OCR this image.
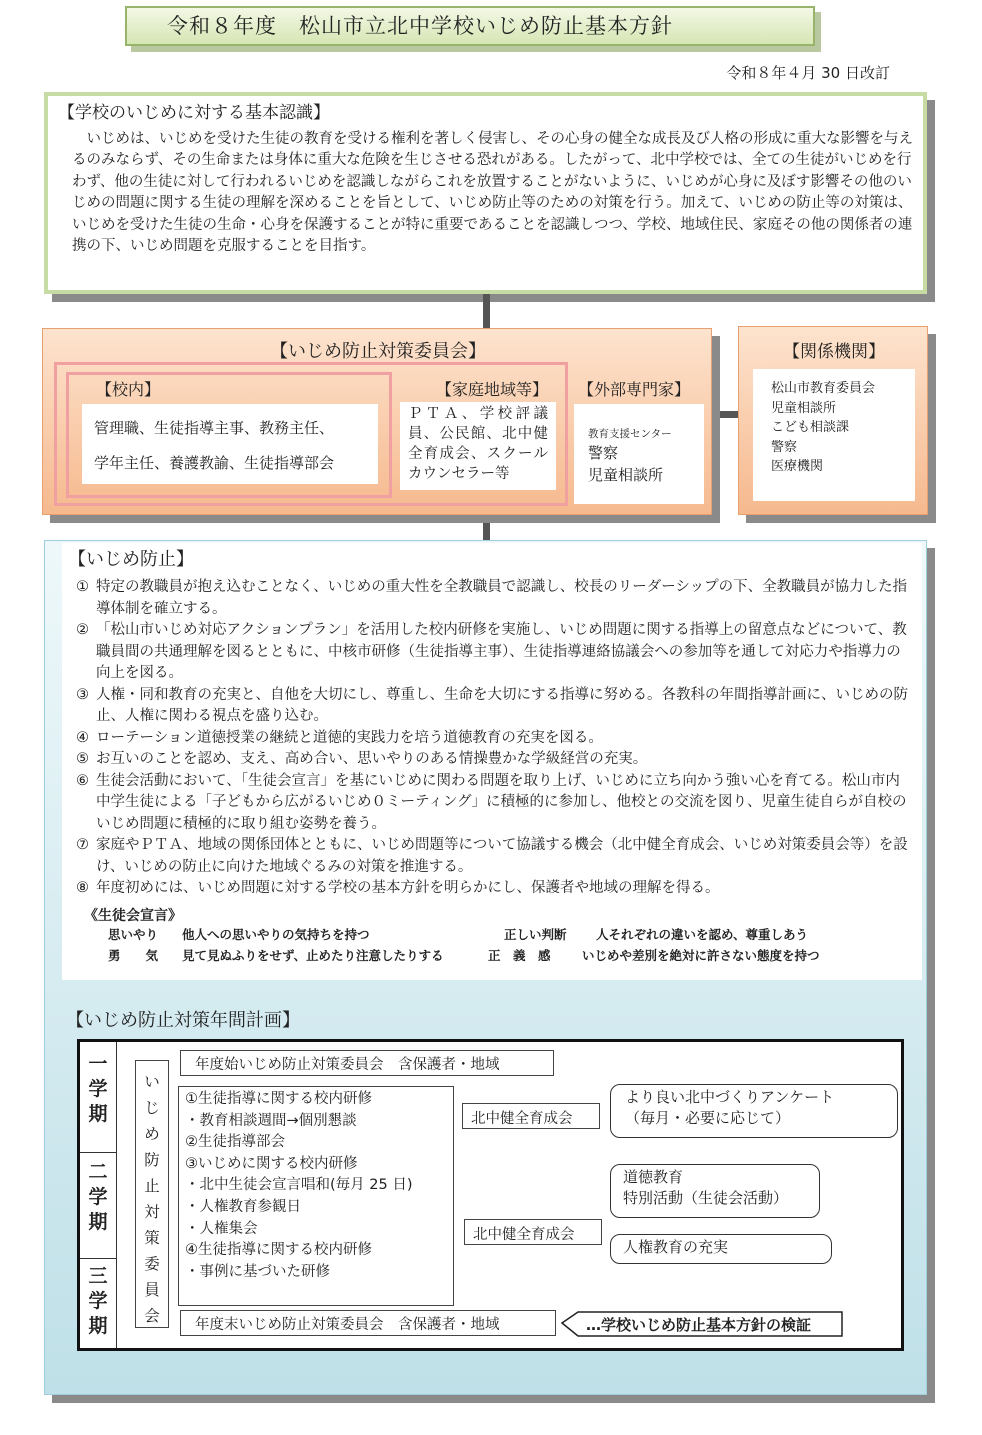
令和８年度　松山市立北中学校いじめ防止基本方針
令和８年４月 30 日改訂
【学校のいじめに対する基本認識】
いじめは、いじめを受けた生徒の教育を受ける権利を著しく侵害し、その心身の健全な成長及び人格の形成に重大な影響を与えるのみならず、その生命または身体に重大な危険を生じさせる恐れがある。したがって、北中学校では、全ての生徒がいじめを行わず、他の生徒に対して行われるいじめを認識しながらこれを放置することがないように、いじめが心身に及ぼす影響その他のいじめの問題に関する生徒の理解を深めることを旨として、いじめ防止等のための対策を行う。加えて、いじめの防止等の対策は、いじめを受けた生徒の生命・心身を保護することが特に重要であることを認識しつつ、学校、地域住民、家庭その他の関係者の連携の下、いじめ問題を克服することを目指す。
【いじめ防止対策委員会】
【校内】
管理職、生徒指導主事、教務主任、
学年主任、養護教諭、生徒指導部会
【家庭地域等】
ＰＴＡ、学校評議員、公民館、北中健全育成会、スクールカウンセラー等
【外部専門家】
教育支援センター
警察
児童相談所
【関係機関】
松山市教育委員会
児童相談所
こども相談課
警察
医療機関
【いじめ防止】
① 特定の教職員が抱え込むことなく、いじめの重大性を全教職員で認識し、校長のリーダーシップの下、全教職員が協力した指導体制を確立する。
② 「松山市いじめ対応アクションプラン」を活用した校内研修を実施し、いじめ問題に関する指導上の留意点などについて、教職員間の共通理解を図るとともに、中核市研修（生徒指導主事）、生徒指導連絡協議会への参加等を通して対応力や指導力の向上を図る。
③ 人権・同和教育の充実と、自他を大切にし、尊重し、生命を大切にする指導に努める。各教科の年間指導計画に、いじめの防止、人権に関わる視点を盛り込む。
④ ローテーション道徳授業の継続と道徳的実践力を培う道徳教育の充実を図る。
⑤ お互いのことを認め、支え、高め合い、思いやりのある情操豊かな学級経営の充実。
⑥ 生徒会活動において、「生徒会宣言」を基にいじめに関わる問題を取り上げ、いじめに立ち向かう強い心を育てる。松山市内中学生徒による「子どもから広がるいじめ０ミーティング」に積極的に参加し、他校との交流を図り、児童生徒自らが自校のいじめ問題に積極的に取り組む姿勢を養う。
⑦ 家庭やＰＴＡ、地域の関係団体とともに、いじめ問題等について協議する機会（北中健全育成会、いじめ対策委員会等）を設け、いじめの防止に向けた地域ぐるみの対策を推進する。
⑧ 年度初めには、いじめ問題に対する学校の基本方針を明らかにし、保護者や地域の理解を得る。
《生徒会宣言》
思いやり 他人への思いやりの気持ちを持つ	正しい判断 人それぞれの違いを認め、尊重しあう
勇　　気 見て見ぬふりをせず、止めたり注意したりする	正　義　感	いじめや差別を絶対に許さない態度を持つ
【いじめ防止対策年間計画】
一
学
期
二
学
期
三
学
期
い
じ
め
防
止
対
策
委
員
会
年度始いじめ防止対策委員会　含保護者・地域
①生徒指導に関する校内研修
・教育相談週間→個別懇談
②生徒指導部会
③いじめに関する校内研修
・北中生徒会宣言唱和(毎月 25 日)
・人権教育参観日
・人権集会
④生徒指導に関する校内研修
・事例に基づいた研修
北中健全育成会
北中健全育成会
より良い北中づくりアンケート
（毎月・必要に応じて）
道徳教育
特別活動（生徒会活動）
人権教育の充実
年度末いじめ防止対策委員会　含保護者・地域	…学校いじめ防止基本方針の検証
